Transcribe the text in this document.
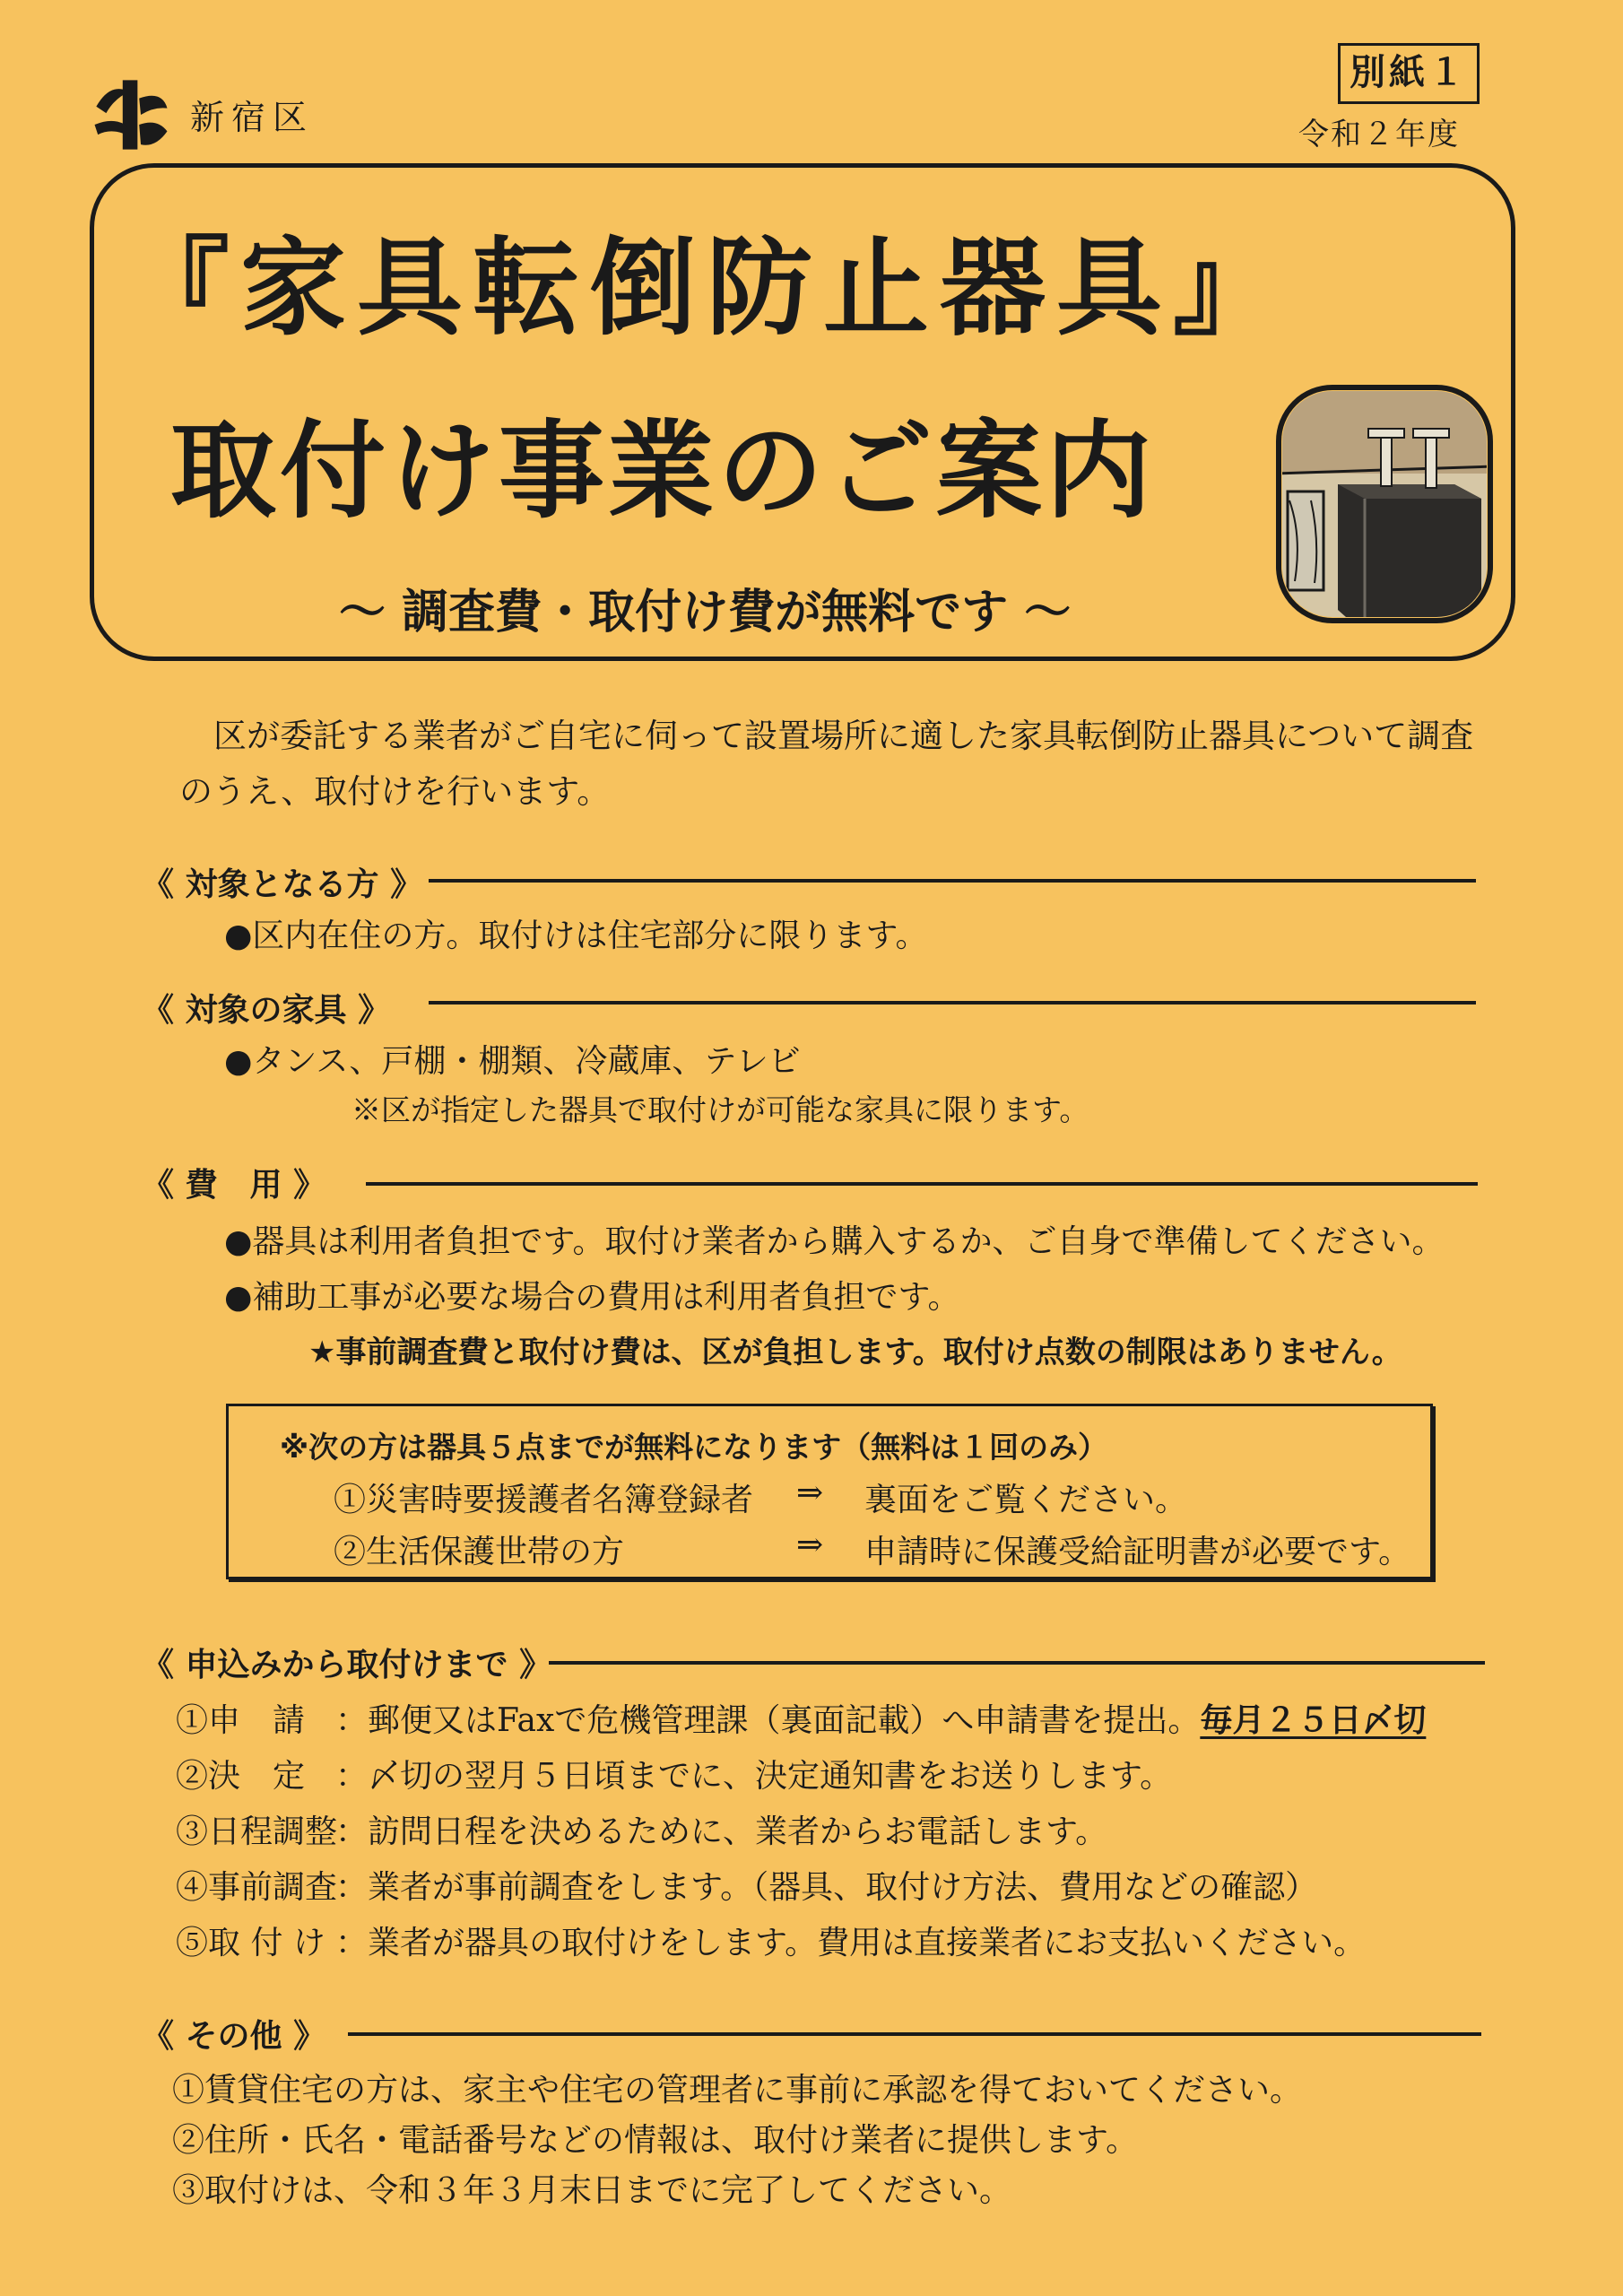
新宿区
別紙１
令和２年度
『家具転倒防止器具』
取付け事業のご案内
～ 調査費・取付け費が無料です ～
区が委託する業者がご自宅に伺って設置場所に適した家具転倒防止器具について調査のうえ、取付けを行います。
《 対象となる方 》
●区内在住の方。取付けは住宅部分に限ります。
《 対象の家具 》
●タンス、戸棚・棚類、冷蔵庫、テレビ
※区が指定した器具で取付けが可能な家具に限ります。
《 費　用 》
●器具は利用者負担です。取付け業者から購入するか、ご自身で準備してください。
●補助工事が必要な場合の費用は利用者負担です。
★事前調査費と取付け費は、区が負担します。取付け点数の制限はありません。
※次の方は器具５点までが無料になります（無料は１回のみ）
①災害時要援護者名簿登録者 ⇒ 裏面をご覧ください。
②生活保護世帯の方	⇒ 申請時に保護受給証明書が必要です。
《 申込みから取付けまで 》
①申　請 ：郵便又はFaxで危機管理課（裏面記載）へ申請書を提出。毎月２５日〆切
②決　定 ：〆切の翌月５日頃までに、決定通知書をお送りします。
③日程調整：訪問日程を決めるために、業者からお電話します。
④事前調査：業者が事前調査をします。（器具、取付け方法、費用などの確認）
⑤取 付 け ：業者が器具の取付けをします。費用は直接業者にお支払いください。
《 その他 》
①賃貸住宅の方は、家主や住宅の管理者に事前に承認を得ておいてください。
②住所・氏名・電話番号などの情報は、取付け業者に提供します。
③取付けは、令和３年３月末日までに完了してください。
